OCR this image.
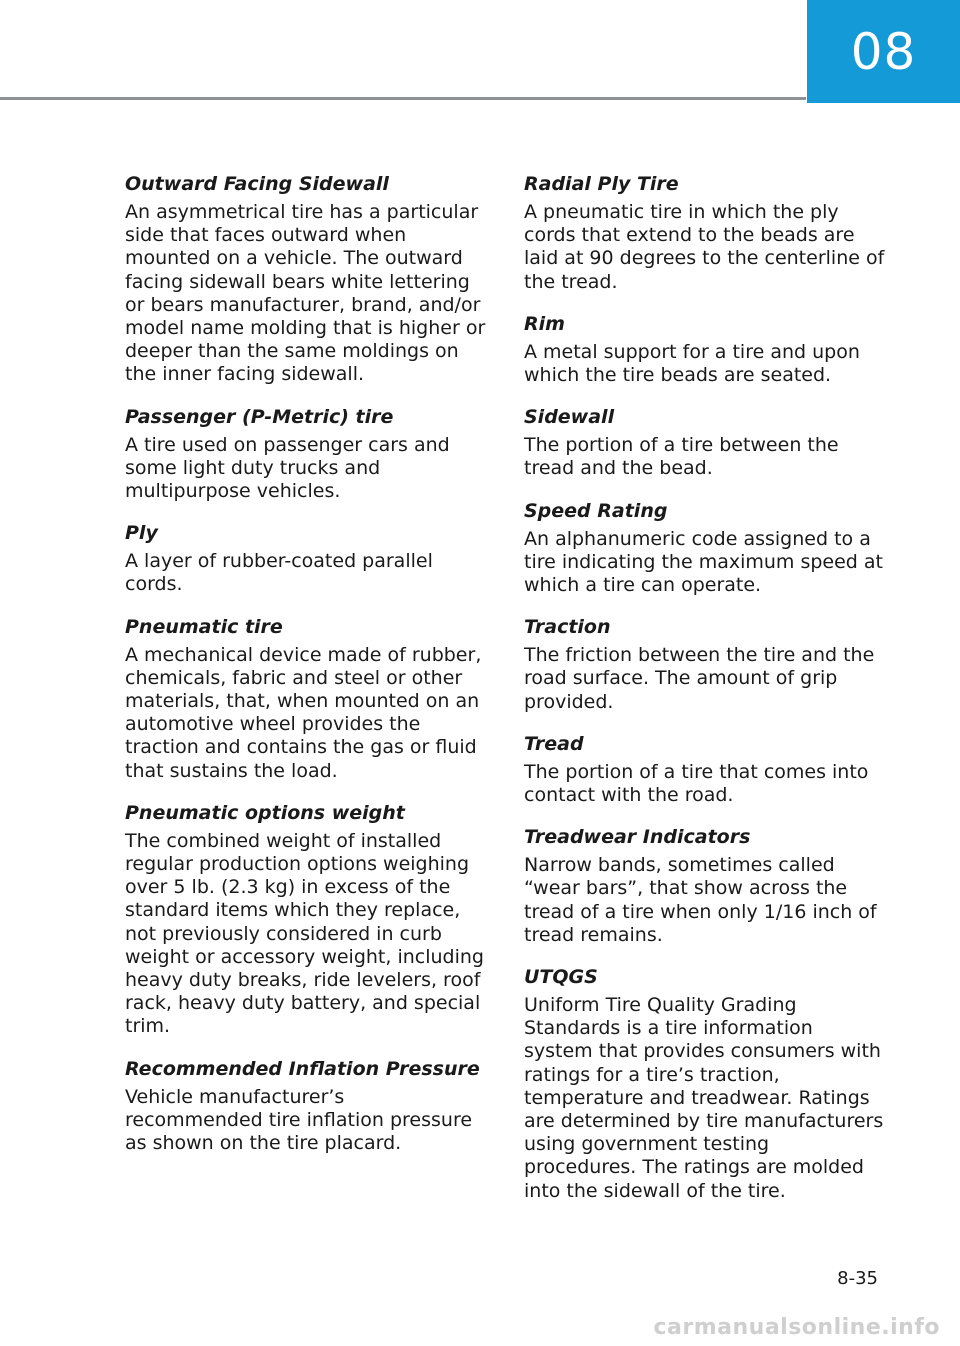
08

Outward Facing Sidewall

An asymmetrical tire has a particular side that faces outward when mounted on a vehicle. The outward facing sidewall bears white lettering or bears manufacturer, brand, and/or model name molding that is higher or deeper than the same moldings on the inner facing sidewall.

Passenger (P-Metric) tire

A tire used on passenger cars and some light duty trucks and multipurpose vehicles.

Ply

A layer of rubber-coated parallel cords.

Pneumatic tire

A mechanical device made of rubber, chemicals, fabric and steel or other materials, that, when mounted on an automotive wheel provides the traction and contains the gas or fluid that sustains the load.

Pneumatic options weight

The combined weight of installed regular production options weighing over 5 lb. (2.3 kg) in excess of the standard items which they replace, not previously considered in curb weight or accessory weight, including heavy duty breaks, ride levelers, roof rack, heavy duty battery, and special trim.

Recommended Inflation Pressure

Vehicle manufacturer’s recommended tire inflation pressure as shown on the tire placard.

Radial Ply Tire

A pneumatic tire in which the ply cords that extend to the beads are laid at 90 degrees to the centerline of the tread.

Rim

A metal support for a tire and upon which the tire beads are seated.

Sidewall

The portion of a tire between the tread and the bead.

Speed Rating

An alphanumeric code assigned to a tire indicating the maximum speed at which a tire can operate.

Traction

The friction between the tire and the road surface. The amount of grip provided.

Tread

The portion of a tire that comes into contact with the road.

Treadwear Indicators

Narrow bands, sometimes called “wear bars”, that show across the tread of a tire when only 1/16 inch of tread remains.

UTQGS

Uniform Tire Quality Grading Standards is a tire information system that provides consumers with ratings for a tire’s traction, temperature and treadwear. Ratings are determined by tire manufacturers using government testing procedures. The ratings are molded into the sidewall of the tire.

8-35
carmanualsonline.info
